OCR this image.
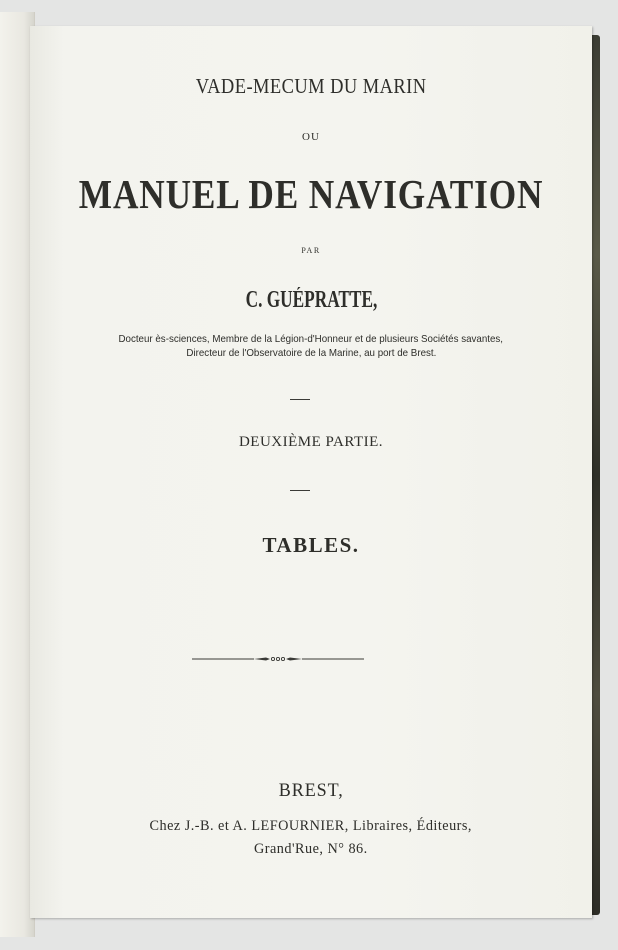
VADE-MECUM DU MARIN
OU
MANUEL DE NAVIGATION
PAR
C. GUÉPRATTE,
Docteur ès-sciences, Membre de la Légion-d'Honneur et de plusieurs Sociétés savantes,
Directeur de l'Observatoire de la Marine, au port de Brest.
DEUXIÈME PARTIE.
TABLES.
BREST,
Chez J.-B. et A. LEFOURNIER, Libraires, Éditeurs,
Grand'Rue, N° 86.
